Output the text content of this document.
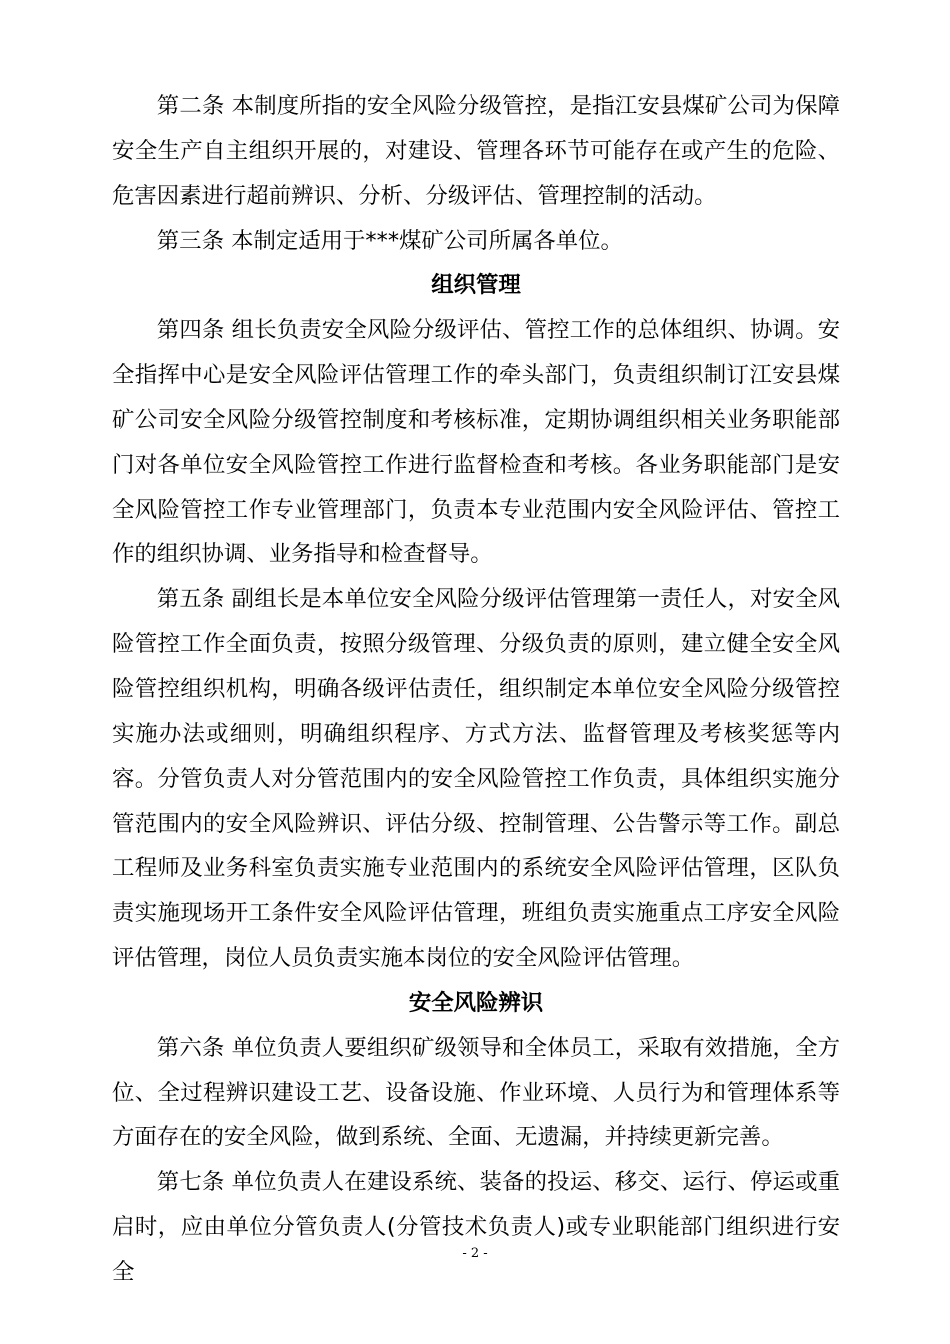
第二条 本制度所指的安全风险分级管控，是指江安县煤矿公司为保障安全生产自主组织开展的，对建设、管理各环节可能存在或产生的危险、危害因素进行超前辨识、分析、分级评估、管理控制的活动。

第三条 本制定适用于***煤矿公司所属各单位。

组织管理

第四条 组长负责安全风险分级评估、管控工作的总体组织、协调。安全指挥中心是安全风险评估管理工作的牵头部门，负责组织制订江安县煤矿公司安全风险分级管控制度和考核标准，定期协调组织相关业务职能部门对各单位安全风险管控工作进行监督检查和考核。各业务职能部门是安全风险管控工作专业管理部门，负责本专业范围内安全风险评估、管控工作的组织协调、业务指导和检查督导。

第五条 副组长是本单位安全风险分级评估管理第一责任人，对安全风险管控工作全面负责，按照分级管理、分级负责的原则，建立健全安全风险管控组织机构，明确各级评估责任，组织制定本单位安全风险分级管控实施办法或细则，明确组织程序、方式方法、监督管理及考核奖惩等内容。分管负责人对分管范围内的安全风险管控工作负责，具体组织实施分管范围内的安全风险辨识、评估分级、控制管理、公告警示等工作。副总工程师及业务科室负责实施专业范围内的系统安全风险评估管理，区队负责实施现场开工条件安全风险评估管理，班组负责实施重点工序安全风险评估管理，岗位人员负责实施本岗位的安全风险评估管理。

安全风险辨识

第六条 单位负责人要组织矿级领导和全体员工，采取有效措施，全方位、全过程辨识建设工艺、设备设施、作业环境、人员行为和管理体系等方面存在的安全风险，做到系统、全面、无遗漏，并持续更新完善。

第七条 单位负责人在建设系统、装备的投运、移交、运行、停运或重启时，应由单位分管负责人(分管技术负责人)或专业职能部门组织进行安全

- 2 -
